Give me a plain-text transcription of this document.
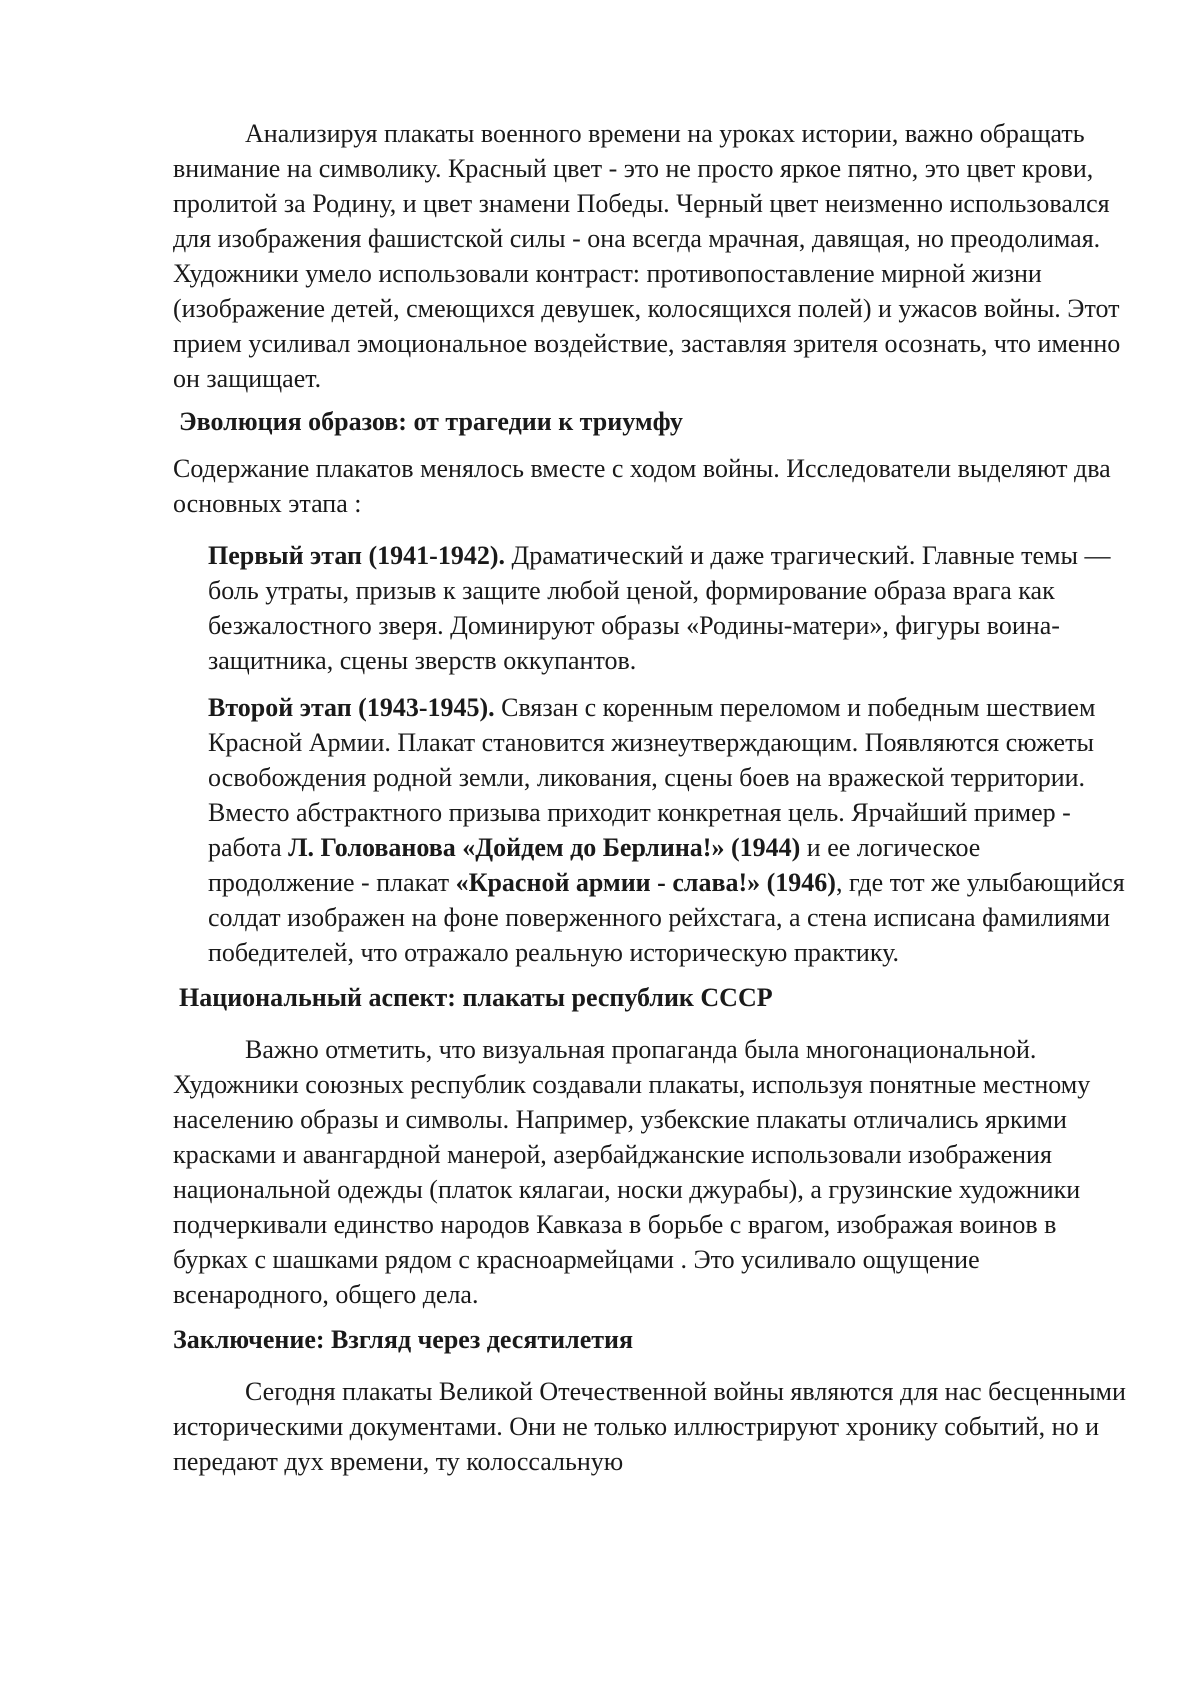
Анализируя плакаты военного времени на уроках истории, важно обращать внимание на символику. Красный цвет - это не просто яркое пятно, это цвет крови, пролитой за Родину, и цвет знамени Победы. Черный цвет неизменно использовался для изображения фашистской силы - она всегда мрачная, давящая, но преодолимая. Художники умело использовали контраст: противопоставление мирной жизни (изображение детей, смеющихся девушек, колосящихся полей) и ужасов войны. Этот прием усиливал эмоциональное воздействие, заставляя зрителя осознать, что именно он защищает.

Эволюция образов: от трагедии к триумфу

Содержание плакатов менялось вместе с ходом войны. Исследователи выделяют два основных этапа :

Первый этап (1941-1942). Драматический и даже трагический. Главные темы — боль утраты, призыв к защите любой ценой, формирование образа врага как безжалостного зверя. Доминируют образы «Родины-матери», фигуры воина-защитника, сцены зверств оккупантов.

Второй этап (1943-1945). Связан с коренным переломом и победным шествием Красной Армии. Плакат становится жизнеутверждающим. Появляются сюжеты освобождения родной земли, ликования, сцены боев на вражеской территории. Вместо абстрактного призыва приходит конкретная цель. Ярчайший пример - работа Л. Голованова «Дойдем до Берлина!» (1944) и ее логическое продолжение - плакат «Красной армии - слава!» (1946), где тот же улыбающийся солдат изображен на фоне поверженного рейхстага, а стена исписана фамилиями победителей, что отражало реальную историческую практику.

Национальный аспект: плакаты республик СССР

Важно отметить, что визуальная пропаганда была многонациональной. Художники союзных республик создавали плакаты, используя понятные местному населению образы и символы. Например, узбекские плакаты отличались яркими красками и авангардной манерой, азербайджанские использовали изображения национальной одежды (платок кялагаи, носки джурабы), а грузинские художники подчеркивали единство народов Кавказа в борьбе с врагом, изображая воинов в бурках с шашками рядом с красноармейцами . Это усиливало ощущение всенародного, общего дела.

Заключение: Взгляд через десятилетия

Сегодня плакаты Великой Отечественной войны являются для нас бесценными историческими документами. Они не только иллюстрируют хронику событий, но и передают дух времени, ту колоссальную
